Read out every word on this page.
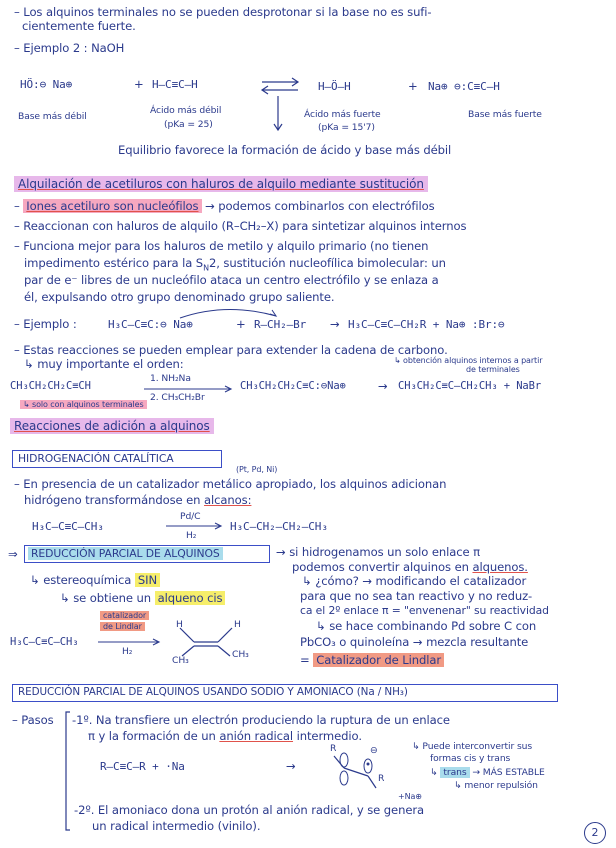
– Los alquinos terminales no se pueden desprotonar si la base no es sufi-
cientemente fuerte.
– Ejemplo 2 : NaOH
HÖ:⊖ Na⊕	+ H–C≡C–H	H–Ö–H	+ Na⊕ ⊖:C≡C–H
Base más débil
Ácido más débil
(pKa = 25)
Ácido más fuerte
(pKa = 15'7)
Base más fuerte
Equilibrio favorece la formación de ácido y base más débil
Alquilación de acetiluros con haluros de alquilo mediante sustitución
– Iones acetiluro son nucleófilos → podemos combinarlos con electrófilos
– Reaccionan con haluros de alquilo (R–CH₂–X) para sintetizar alquinos internos
– Funciona mejor para los haluros de metilo y alquilo primario (no tienen
impedimento estérico para la $S_N2$, sustitución nucleofílica bimolecular: un
par de e⁻ libres de un nucleófilo ataca un centro electrófilo y se enlaza a
él, expulsando otro grupo denominado grupo saliente.
– Ejemplo :	H₃C–C≡C:⊖ Na⊕	+ R–CH₂–Br → H₃C–C≡C–CH₂R + Na⊕ :Br:⊖
– Estas reacciones se pueden emplear para extender la cadena de carbono.
↳ muy importante el orden:	↳ obtención alquinos internos a partir
de terminales
CH₃CH₂CH₂C≡CH
1. NH₂Na
2. CH₃CH₂Br
CH₃CH₂CH₂C≡C:⊖Na⊕	→ CH₃CH₂C≡C–CH₂CH₃ + NaBr
↳ solo con alquinos terminales
Reacciones de adición a alquinos
HIDROGENACIÓN CATALÍTICA
(Pt, Pd, Ni)
– En presencia de un catalizador metálico apropiado, los alquinos adicionan
hidrógeno transformándose en alcanos:
H₃C–C≡C–CH₃
Pd/C
H₂
H₃C–CH₂–CH₂–CH₃
⇒ REDUCCIÓN PARCIAL DE ALQUINOS	→ si hidrogenamos un solo enlace π
podemos convertir alquinos en alquenos.
↳ estereoquímica SIN
↳ se obtiene un alqueno cis
↳ ¿cómo? → modificando el catalizador
para que no sea tan reactivo y no reduz-
ca el 2º enlace π = "envenenar" su reactividad
↳ se hace combinando Pd sobre C con
PbCO₃ o quinoleína → mezcla resultante
= Catalizador de Lindlar
H₃C–C≡C–CH₃
catalizador
de Lindlar
H₂
H	H
CH₃
CH₃
REDUCCIÓN PARCIAL DE ALQUINOS USANDO SODIO Y AMONIACO (Na / NH₃)
– Pasos -1º. Na transfiere un electrón produciendo la ruptura de un enlace
π y la formación de un anión radical intermedio.
R–C≡C–R + ·Na	→
R
R
⊖
+Na⊕
↳ Puede interconvertir sus
formas cis y trans
↳ trans → MÁS ESTABLE
↳ menor repulsión
-2º. El amoniaco dona un protón al anión radical, y se genera
un radical intermedio (vinilo).	2
